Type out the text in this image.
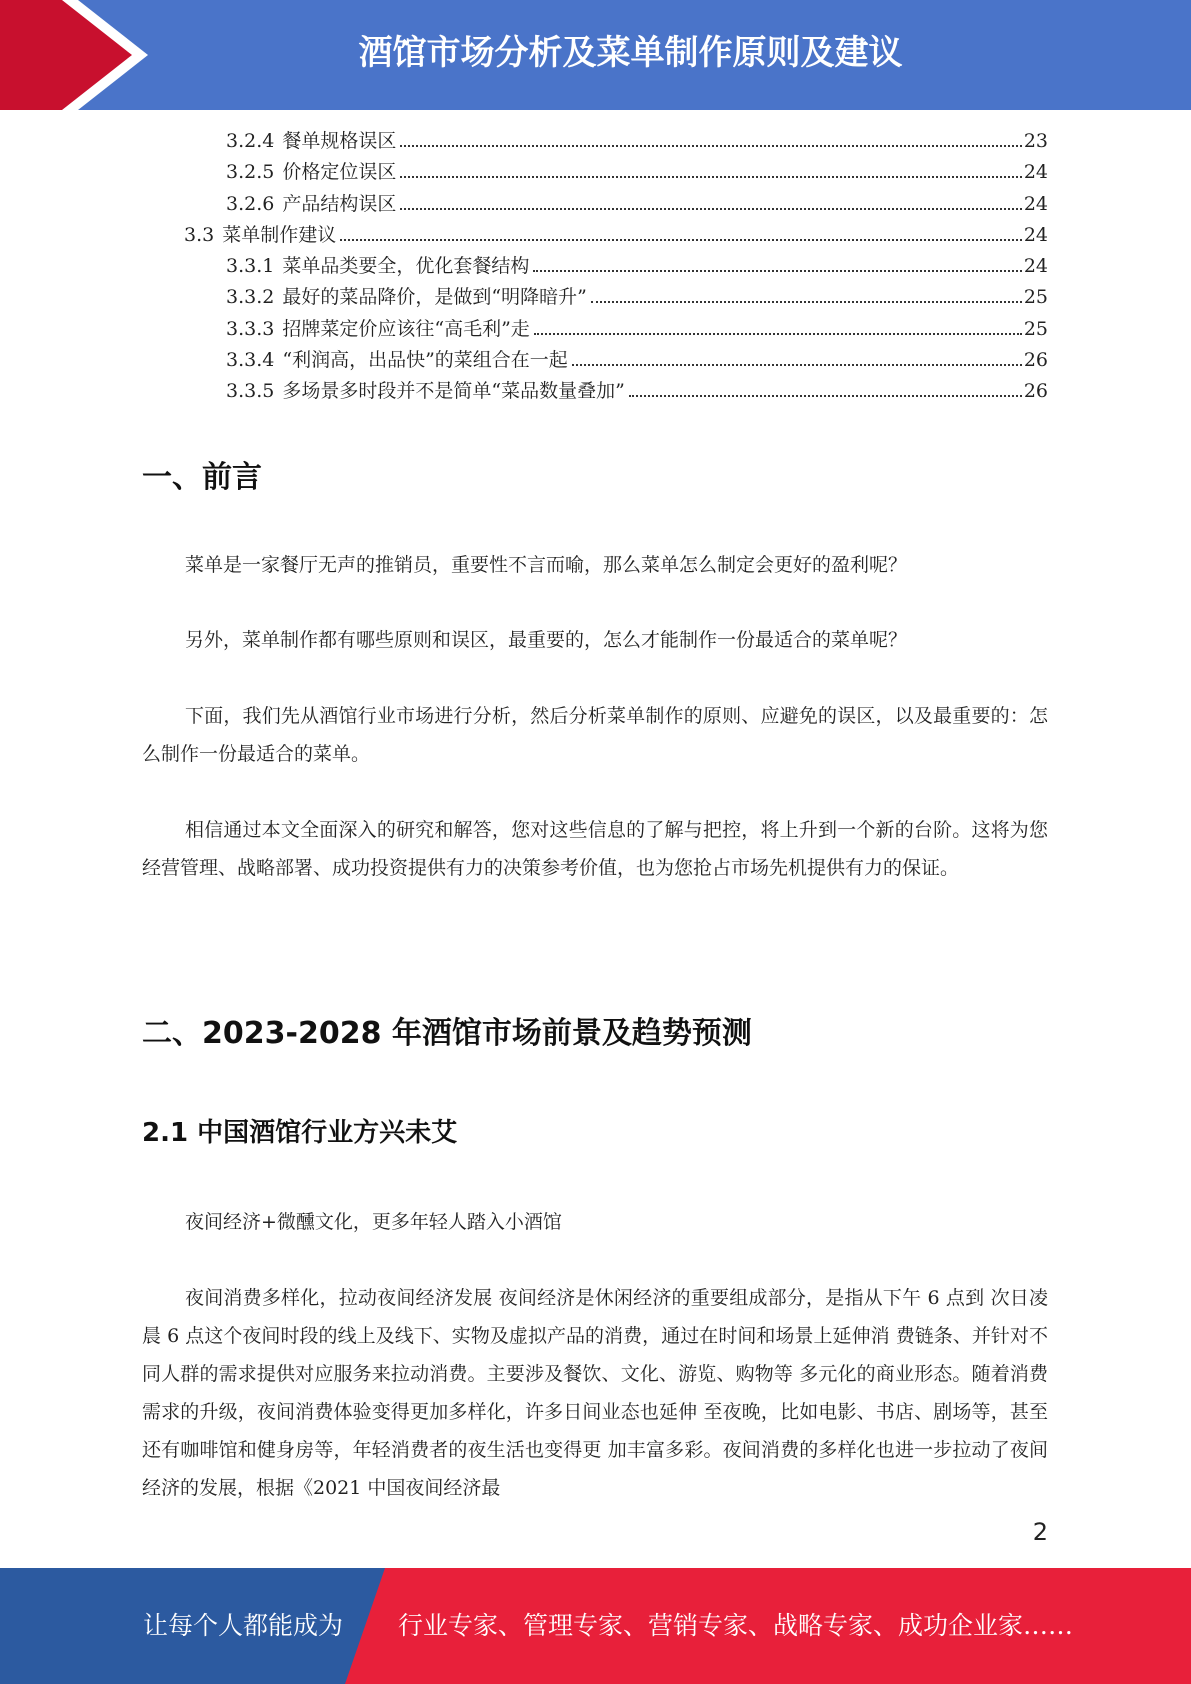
酒馆市场分析及菜单制作原则及建议
3.2.4 餐单规格误区	23
3.2.5 价格定位误区	24
3.2.6 产品结构误区	24
3.3 菜单制作建议	24
3.3.1 菜单品类要全，优化套餐结构	24
3.3.2 最好的菜品降价，是做到“明降暗升”	25
3.3.3 招牌菜定价应该往“高毛利”走	25
3.3.4 “利润高，出品快”的菜组合在一起	26
3.3.5 多场景多时段并不是简单“菜品数量叠加”	26
一、前言

菜单是一家餐厅无声的推销员，重要性不言而喻，那么菜单怎么制定会更好的盈利呢？

另外，菜单制作都有哪些原则和误区，最重要的，怎么才能制作一份最适合的菜单呢？

下面，我们先从酒馆行业市场进行分析，然后分析菜单制作的原则、应避免的误区，以及最重要的：怎么制作一份最适合的菜单。

相信通过本文全面深入的研究和解答，您对这些信息的了解与把控，将上升到一个新的台阶。这将为您经营管理、战略部署、成功投资提供有力的决策参考价值，也为您抢占市场先机提供有力的保证。

二、2023-2028 年酒馆市场前景及趋势预测
2.1 中国酒馆行业方兴未艾

夜间经济+微醺文化，更多年轻人踏入小酒馆

夜间消费多样化，拉动夜间经济发展 夜间经济是休闲经济的重要组成部分，是指从下午 6 点到 次日凌晨 6 点这个夜间时段的线上及线下、实物及虚拟产品的消费，通过在时间和场景上延伸消 费链条、并针对不同人群的需求提供对应服务来拉动消费。主要涉及餐饮、文化、游览、购物等 多元化的商业形态。随着消费需求的升级，夜间消费体验变得更加多样化，许多日间业态也延伸 至夜晚，比如电影、书店、剧场等，甚至还有咖啡馆和健身房等，年轻消费者的夜生活也变得更 加丰富多彩。夜间消费的多样化也进一步拉动了夜间经济的发展，根据《2021 中国夜间经济最

2
让每个人都能成为 行业专家、管理专家、营销专家、战略专家、成功企业家……
